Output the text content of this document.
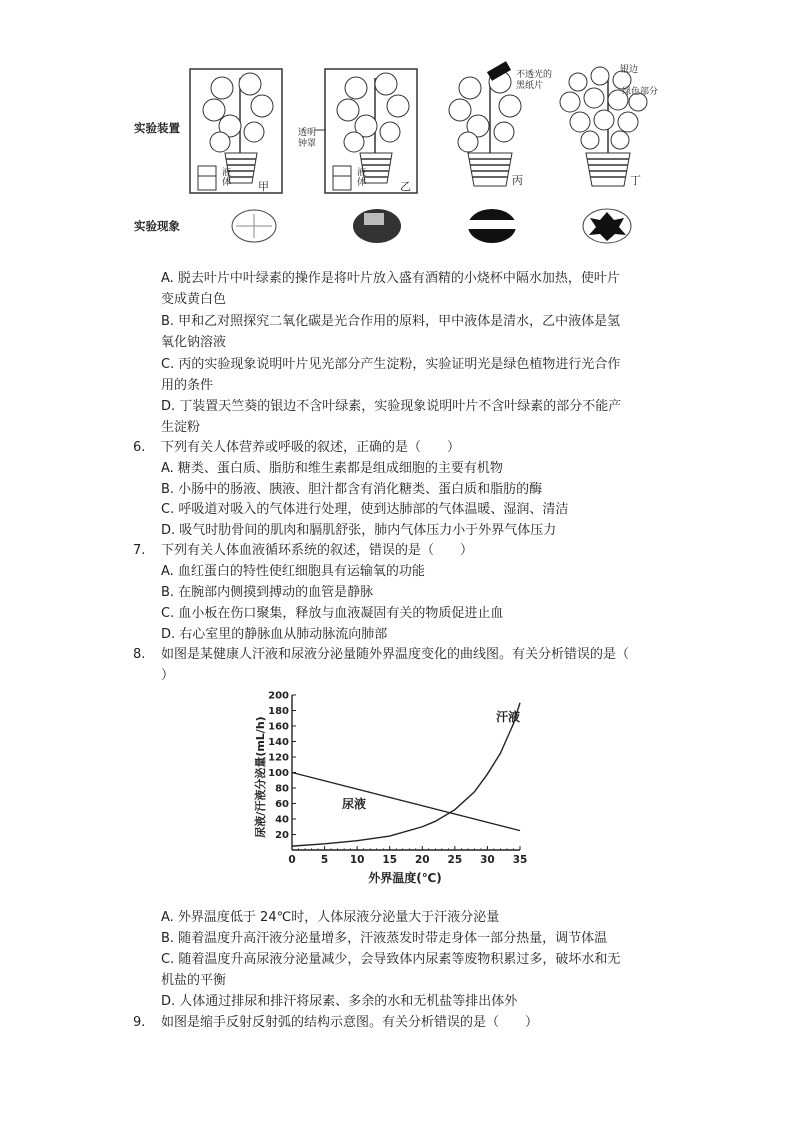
实验装置
实验现象
透明
钟罩
不透光的
黑纸片
银边
绿色部分
液体
液体
甲	乙	丙	丁
A. 脱去叶片中叶绿素的操作是将叶片放入盛有酒精的小烧杯中隔水加热，使叶片
变成黄白色
B. 甲和乙对照探究二氧化碳是光合作用的原料，甲中液体是清水，乙中液体是氢
氧化钠溶液
C. 丙的实验现象说明叶片见光部分产生淀粉，实验证明光是绿色植物进行光合作
用的条件
D. 丁装置天竺葵的银边不含叶绿素，实验现象说明叶片不含叶绿素的部分不能产
生淀粉
6. 下列有关人体营养或呼吸的叙述，正确的是（　　）
A. 糖类、蛋白质、脂肪和维生素都是组成细胞的主要有机物
B. 小肠中的肠液、胰液、胆汁都含有消化糖类、蛋白质和脂肪的酶
C. 呼吸道对吸入的气体进行处理，使到达肺部的气体温暖、湿润、清洁
D. 吸气时肋骨间的肌肉和膈肌舒张，肺内气体压力小于外界气体压力
7. 下列有关人体血液循环系统的叙述，错误的是（　　）
A. 血红蛋白的特性使红细胞具有运输氧的功能
B. 在腕部内侧摸到搏动的血管是静脉
C. 血小板在伤口聚集，释放与血液凝固有关的物质促进止血
D. 右心室里的静脉血从肺动脉流向肺部
8. 如图是某健康人汗液和尿液分泌量随外界温度变化的曲线图。有关分析错误的是（
）
0 5 10 15 20 25 30 35
20
40
60
80
100
120
140
160
180
200
外界温度(℃)
尿液/汗液分泌量(mL/h)	尿液
汗液
A. 外界温度低于 24℃时，人体尿液分泌量大于汗液分泌量
B. 随着温度升高汗液分泌量增多，汗液蒸发时带走身体一部分热量，调节体温
C. 随着温度升高尿液分泌量减少，会导致体内尿素等废物积累过多，破坏水和无
机盐的平衡
D. 人体通过排尿和排汗将尿素、多余的水和无机盐等排出体外
9. 如图是缩手反射反射弧的结构示意图。有关分析错误的是（　　）
